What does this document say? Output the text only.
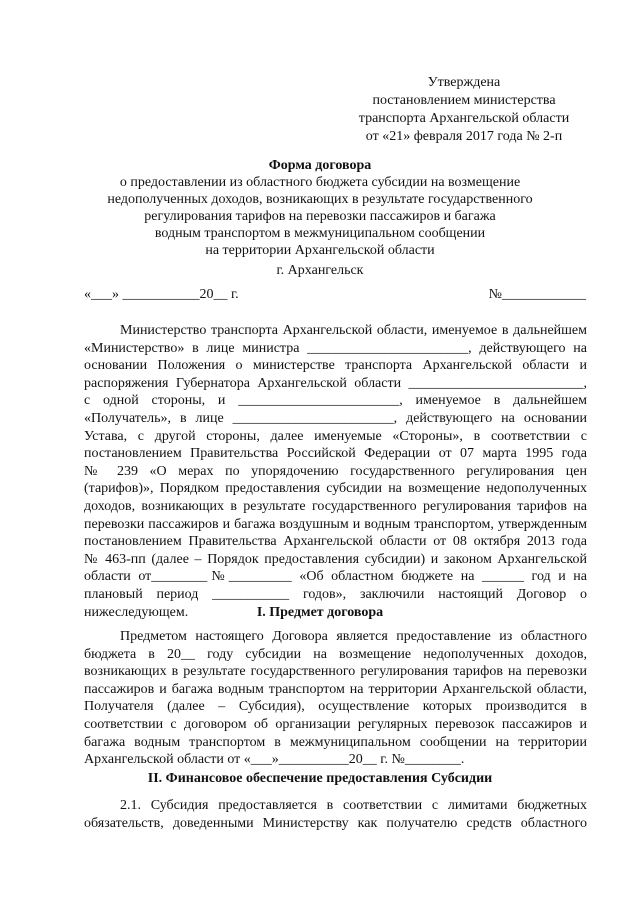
Утверждена
постановлением министерства
транспорта Архангельской области
от «21» февраля 2017 года № 2-п
Форма договора
о предоставлении из областного бюджета субсидии на возмещение
недополученных доходов, возникающих в результате государственного
регулирования тарифов на перевозки пассажиров и багажа
водным транспортом в межмуниципальном сообщении
на территории Архангельской области
г. Архангельск
«___» ___________20__ г.	№____________
Министерство транспорта Архангельской области, именуемое в дальнейшем
«Министерство» в лице министра _______________________, действующего на
основании Положения о министерстве транспорта Архангельской области и
распоряжения Губернатора Архангельской области _________________________,
с одной стороны, и _______________________, именуемое в дальнейшем
«Получатель», в лице _______________________, действующего на основании
Устава, с другой стороны, далее именуемые «Стороны», в соответствии с
постановлением Правительства Российской Федерации от 07 марта 1995 года
№ 239 «О мерах по упорядочению государственного регулирования цен
(тарифов)», Порядком предоставления субсидии на возмещение недополученных
доходов, возникающих в результате государственного регулирования тарифов на
перевозки пассажиров и багажа воздушным и водным транспортом, утвержденным
постановлением Правительства Архангельской области от 08 октября 2013 года
№ 463-пп (далее – Порядок предоставления субсидии) и законом Архангельской
области от________№_________ «Об областном бюджете на ______ год и на
плановый период ___________ годов», заключили настоящий Договор о
нижеследующем.	I. Предмет договора
Предметом настоящего Договора является предоставление из областного
бюджета в 20__ году субсидии на возмещение недополученных доходов,
возникающих в результате государственного регулирования тарифов на перевозки
пассажиров и багажа водным транспортом на территории Архангельской области,
Получателя (далее – Субсидия), осуществление которых производится в
соответствии с договором об организации регулярных перевозок пассажиров и
багажа водным транспортом в межмуниципальном сообщении на территории
Архангельской области от «___»__________20__ г. №________.
II. Финансовое обеспечение предоставления Субсидии
2.1. Субсидия предоставляется в соответствии с лимитами бюджетных
обязательств, доведенными Министерству как получателю средств областного
